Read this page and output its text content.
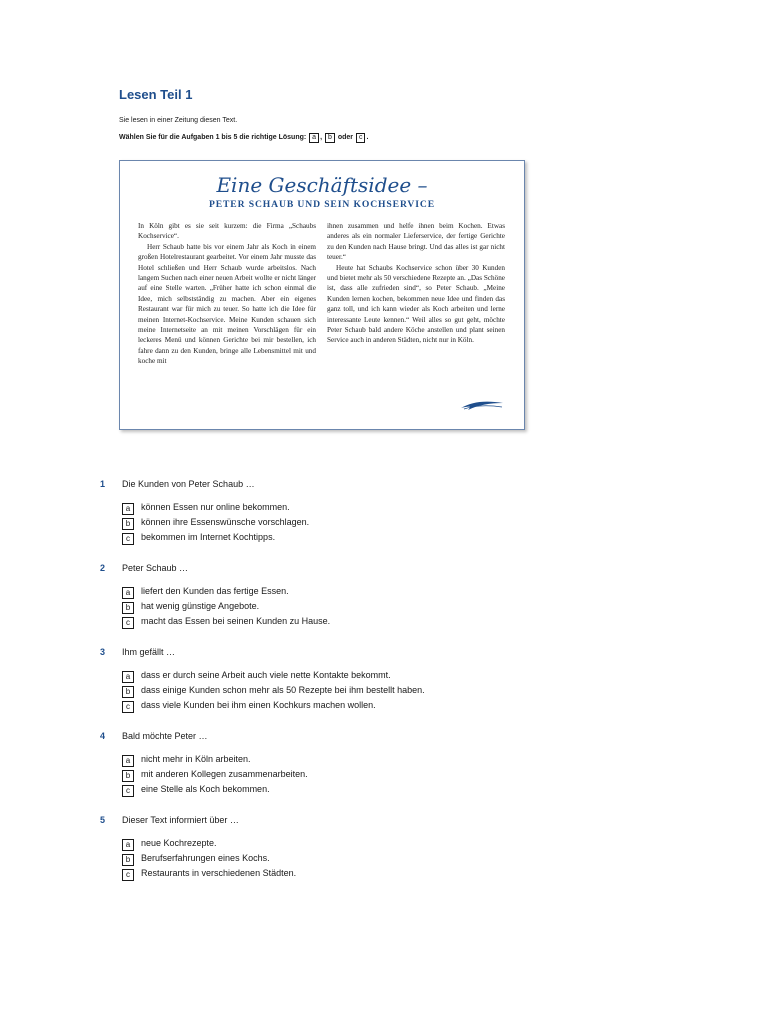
Lesen Teil 1
Sie lesen in einer Zeitung diesen Text.
Wählen Sie für die Aufgaben 1 bis 5 die richtige Lösung: a , b oder c .
Eine Geschäftsidee –
PETER SCHAUB UND SEIN KOCHSERVICE

In Köln gibt es sie seit kurzem: die Firma „Schaubs Kochservice“.

Herr Schaub hatte bis vor einem Jahr als Koch in einem großen Hotelrestaurant gearbeitet. Vor einem Jahr musste das Hotel schließen und Herr Schaub wurde arbeitslos. Nach langem Suchen nach einer neuen Arbeit wollte er nicht länger auf eine Stelle warten. „Früher hatte ich schon einmal die Idee, mich selbstständig zu machen. Aber ein eigenes Restaurant war für mich zu teuer. So hatte ich die Idee für meinen Internet-Kochservice. Meine Kunden schauen sich meine Internetseite an mit meinen Vorschlägen für ein leckeres Menü und können Gerichte bei mir bestellen, ich fahre dann zu den Kunden, bringe alle Lebensmittel mit und koche mit

ihnen zusammen und helfe ihnen beim Kochen. Etwas anderes als ein normaler Lieferservice, der fertige Gerichte zu den Kunden nach Hause bringt. Und das alles ist gar nicht teuer.“

Heute hat Schaubs Kochservice schon über 30 Kunden und bietet mehr als 50 verschiedene Rezepte an. „Das Schöne ist, dass alle zufrieden sind“, so Peter Schaub. „Meine Kunden lernen kochen, bekommen neue Idee und finden das ganz toll, und ich kann wieder als Koch arbeiten und lerne interessante Leute kennen.“ Weil alles so gut geht, möchte Peter Schaub bald andere Köche anstellen und plant seinen Service auch in anderen Städten, nicht nur in Köln.

1 Die Kunden von Peter Schaub …
a können Essen nur online bekommen.
b können ihre Essenswünsche vorschlagen.
c bekommen im Internet Kochtipps.
2 Peter Schaub …
a liefert den Kunden das fertige Essen.
b hat wenig günstige Angebote.
c macht das Essen bei seinen Kunden zu Hause.
3 Ihm gefällt …
a dass er durch seine Arbeit auch viele nette Kontakte bekommt.
b dass einige Kunden schon mehr als 50 Rezepte bei ihm bestellt haben.
c dass viele Kunden bei ihm einen Kochkurs machen wollen.
4 Bald möchte Peter …
a nicht mehr in Köln arbeiten.
b mit anderen Kollegen zusammenarbeiten.
c eine Stelle als Koch bekommen.
5 Dieser Text informiert über …
a neue Kochrezepte.
b Berufserfahrungen eines Kochs.
c Restaurants in verschiedenen Städten.
